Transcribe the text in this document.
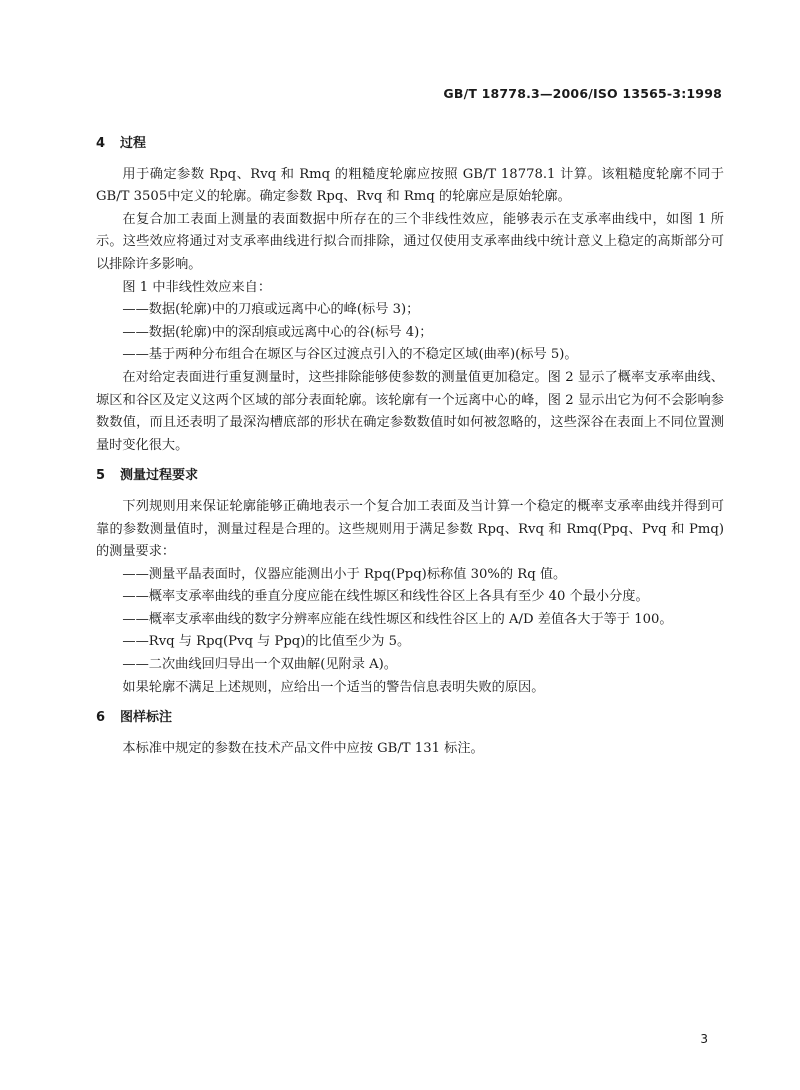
GB/T 18778.3—2006/ISO 13565-3:1998
4 过程

用于确定参数 Rpq、Rvq 和 Rmq 的粗糙度轮廓应按照 GB/T 18778.1 计算。该粗糙度轮廓不同于 GB/T 3505中定义的轮廓。确定参数 Rpq、Rvq 和 Rmq 的轮廓应是原始轮廓。

在复合加工表面上测量的表面数据中所存在的三个非线性效应，能够表示在支承率曲线中，如图 1 所示。这些效应将通过对支承率曲线进行拟合而排除，通过仅使用支承率曲线中统计意义上稳定的高斯部分可以排除许多影响。

图 1 中非线性效应来自：

——数据(轮廓)中的刀痕或远离中心的峰(标号 3)；

——数据(轮廓)中的深刮痕或远离中心的谷(标号 4)；

——基于两种分布组合在塬区与谷区过渡点引入的不稳定区域(曲率)(标号 5)。

在对给定表面进行重复测量时，这些排除能够使参数的测量值更加稳定。图 2 显示了概率支承率曲线、塬区和谷区及定义这两个区域的部分表面轮廓。该轮廓有一个远离中心的峰，图 2 显示出它为何不会影响参数数值，而且还表明了最深沟槽底部的形状在确定参数数值时如何被忽略的，这些深谷在表面上不同位置测量时变化很大。

5 测量过程要求

下列规则用来保证轮廓能够正确地表示一个复合加工表面及当计算一个稳定的概率支承率曲线并得到可靠的参数测量值时，测量过程是合理的。这些规则用于满足参数 Rpq、Rvq 和 Rmq(Ppq、Pvq 和 Pmq)的测量要求：

——测量平晶表面时，仪器应能测出小于 Rpq(Ppq)标称值 30%的 Rq 值。

——概率支承率曲线的垂直分度应能在线性塬区和线性谷区上各具有至少 40 个最小分度。

——概率支承率曲线的数字分辨率应能在线性塬区和线性谷区上的 A/D 差值各大于等于 100。

——Rvq 与 Rpq(Pvq 与 Ppq)的比值至少为 5。

——二次曲线回归导出一个双曲解(见附录 A)。

如果轮廓不满足上述规则，应给出一个适当的警告信息表明失败的原因。

6 图样标注

本标准中规定的参数在技术产品文件中应按 GB/T 131 标注。

3
